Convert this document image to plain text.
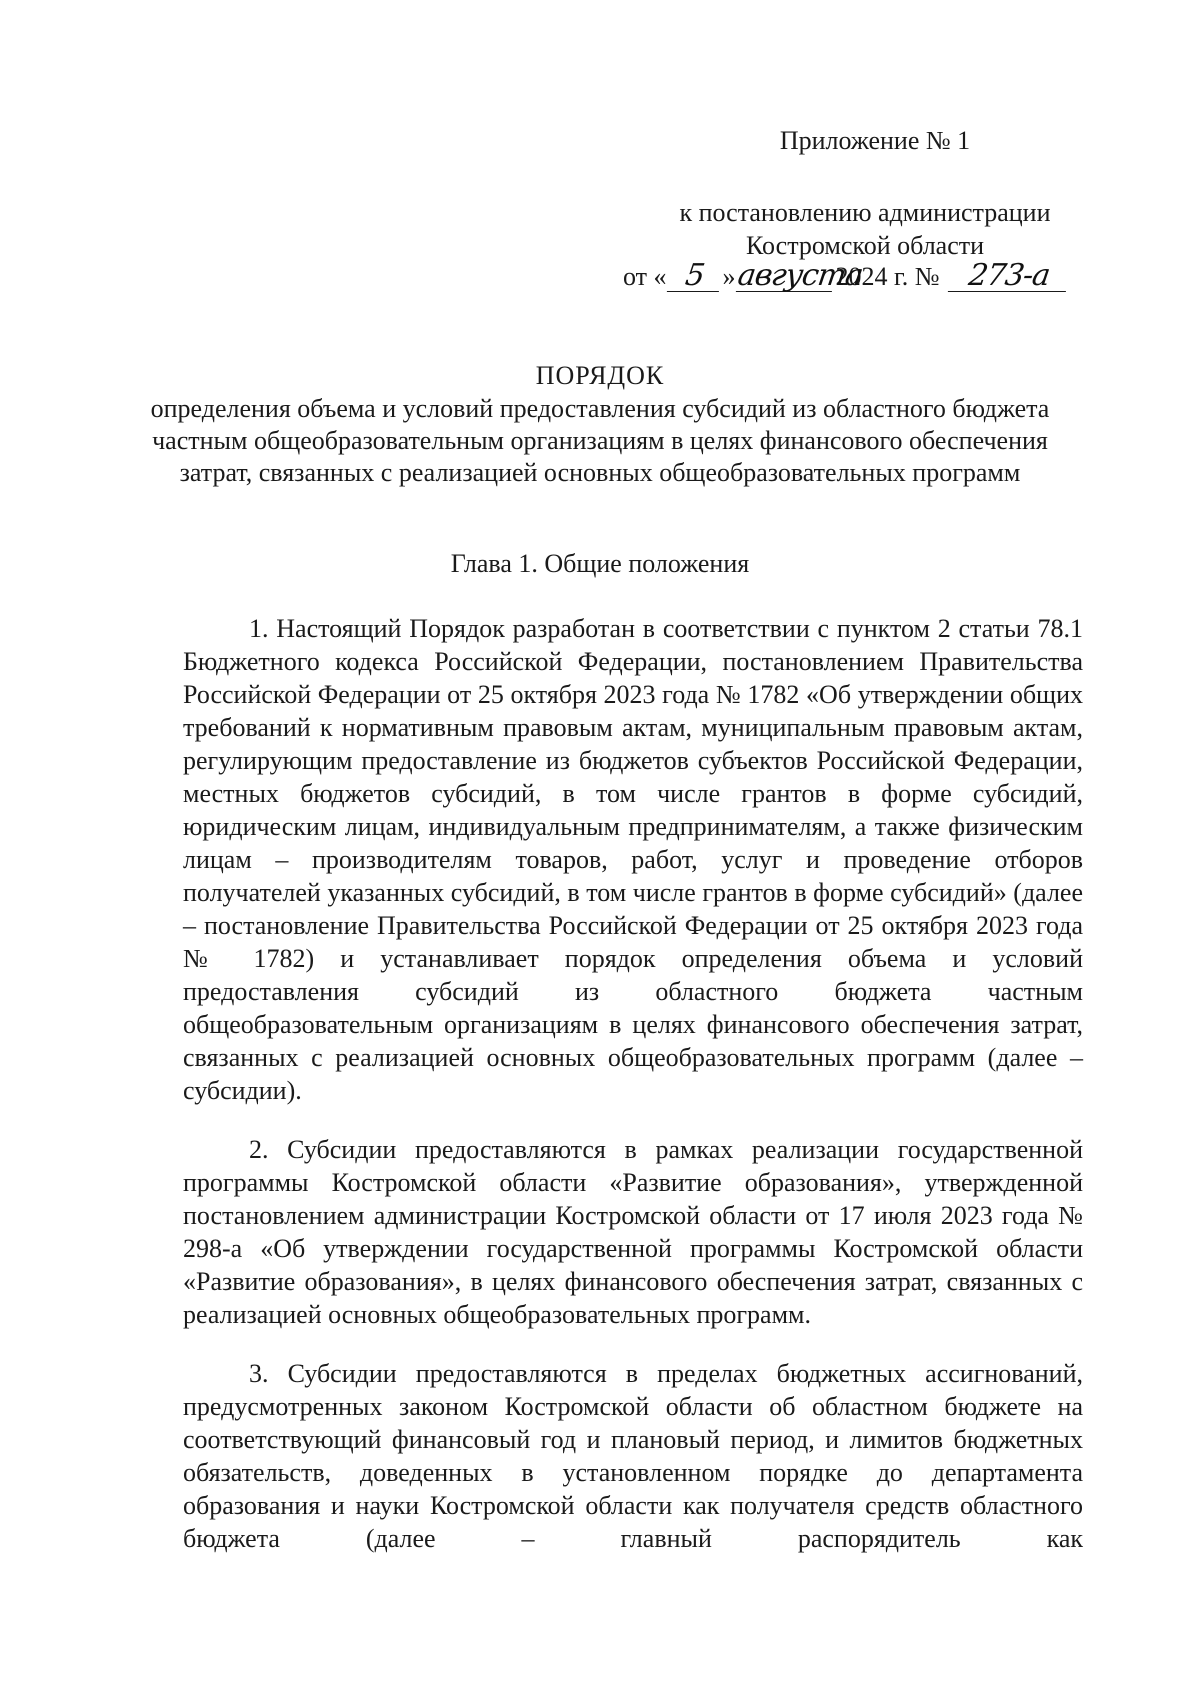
Приложение № 1
к постановлению администрации
Костромской области
от « 5 »августа2024 г. № 273-а
ПОРЯДОК
определения объема и условий предоставления субсидий из областного бюджета частным общеобразовательным организациям в целях финансового обеспечения затрат, связанных с реализацией основных общеобразовательных программ
Глава 1. Общие положения

1. Настоящий Порядок разработан в соответствии с пунктом 2 статьи 78.1 Бюджетного кодекса Российской Федерации, постановлением Правительства Российской Федерации от 25 октября 2023 года № 1782 «Об утверждении общих требований к нормативным правовым актам, муниципальным правовым актам, регулирующим предоставление из бюджетов субъектов Российской Федерации, местных бюджетов субсидий, в том числе грантов в форме субсидий, юридическим лицам, индивидуальным предпринимателям, а также физическим лицам – производителям товаров, работ, услуг и проведение отборов получателей указанных субсидий, в том числе грантов в форме субсидий» (далее – постановление Правительства Российской Федерации от 25 октября 2023 года № 1782) и устанавливает порядок определения объема и условий предоставления субсидий из областного бюджета частным общеобразовательным организациям в целях финансового обеспечения затрат, связанных с реализацией основных общеобразовательных программ (далее – субсидии).

2. Субсидии предоставляются в рамках реализации государственной программы Костромской области «Развитие образования», утвержденной постановлением администрации Костромской области от 17 июля 2023 года № 298-а «Об утверждении государственной программы Костромской области «Развитие образования», в целях финансового обеспечения затрат, связанных с реализацией основных общеобразовательных программ.

3. Субсидии предоставляются в пределах бюджетных ассигнований, предусмотренных законом Костромской области об областном бюджете на соответствующий финансовый год и плановый период, и лимитов бюджетных обязательств, доведенных в установленном порядке до департамента образования и науки Костромской области как получателя средств областного бюджета (далее – главный распорядитель как
